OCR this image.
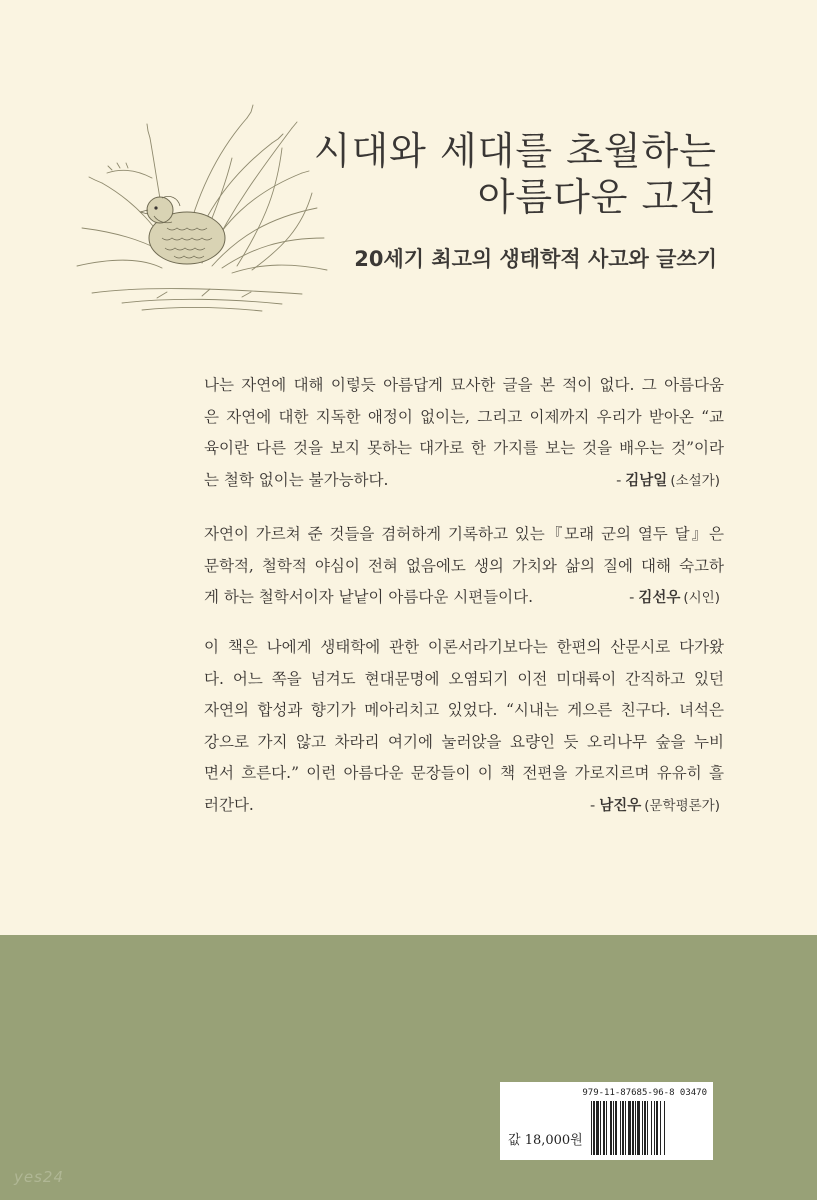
시대와 세대를 초월하는
아름다운 고전
20세기 최고의 생태학적 사고와 글쓰기
나는 자연에 대해 이렇듯 아름답게 묘사한 글을 본 적이 없다. 그 아름다움
은 자연에 대한 지독한 애정이 없이는, 그리고 이제까지 우리가 받아온 “교
육이란 다른 것을 보지 못하는 대가로 한 가지를 보는 것을 배우는 것”이라
는 철학 없이는 불가능하다.	- 김남일 (소설가)
자연이 가르쳐 준 것들을 겸허하게 기록하고 있는『모래 군의 열두 달』은
문학적, 철학적 야심이 전혀 없음에도 생의 가치와 삶의 질에 대해 숙고하
게 하는 철학서이자 낱낱이 아름다운 시편들이다.	- 김선우 (시인)
이 책은 나에게 생태학에 관한 이론서라기보다는 한편의 산문시로 다가왔
다. 어느 쪽을 넘겨도 현대문명에 오염되기 이전 미대륙이 간직하고 있던
자연의 합성과 향기가 메아리치고 있었다. “시내는 게으른 친구다. 녀석은
강으로 가지 않고 차라리 여기에 눌러앉을 요량인 듯 오리나무 숲을 누비
면서 흐른다.” 이런 아름다운 문장들이 이 책 전편을 가로지르며 유유히 흘
러간다.	- 남진우 (문학평론가)
979-11-87685-96-8 03470
값 18,000원
yes24
